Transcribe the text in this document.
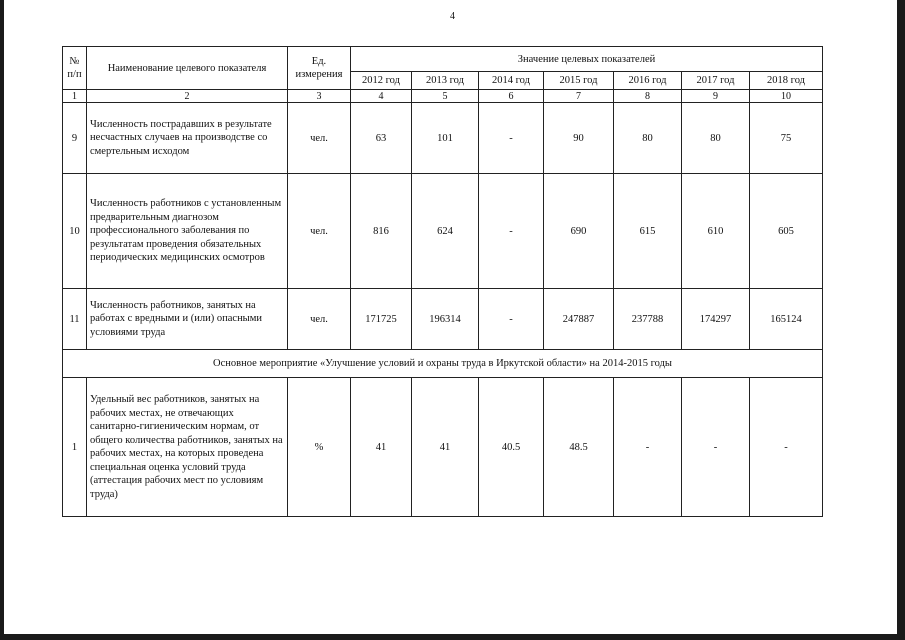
4
№ п/п	Наименование целевого показателя	Ед. измерения	Значение целевых показателей						
			2012 год	2013 год	2014 год	2015 год	2016 год	2017 год	2018 год
1	2	3	4	5	6	7	8	9	10
9	Численность пострадавших в результате несчастных случаев на производстве со смертельным исходом	чел.	63	101	-	90	80	80	75
10	Численность работников с установленным предварительным диагнозом профессионального заболевания по результатам проведения обязательных периодических медицинских осмотров	чел.	816	624	-	690	615	610	605
11	Численность работников, занятых на работах с вредными и (или) опасными условиями труда	чел.	171725	196314	-	247887	237788	174297	165124
Основное мероприятие «Улучшение условий и охраны труда в Иркутской области» на 2014-2015 годы									
1	Удельный вес работников, занятых на рабочих местах, не отвечающих санитарно-гигиеническим нормам, от общего количества работников, занятых на рабочих местах, на которых проведена специальная оценка условий труда (аттестация рабочих мест по условиям труда)	%	41	41	40.5	48.5	-	-	-
